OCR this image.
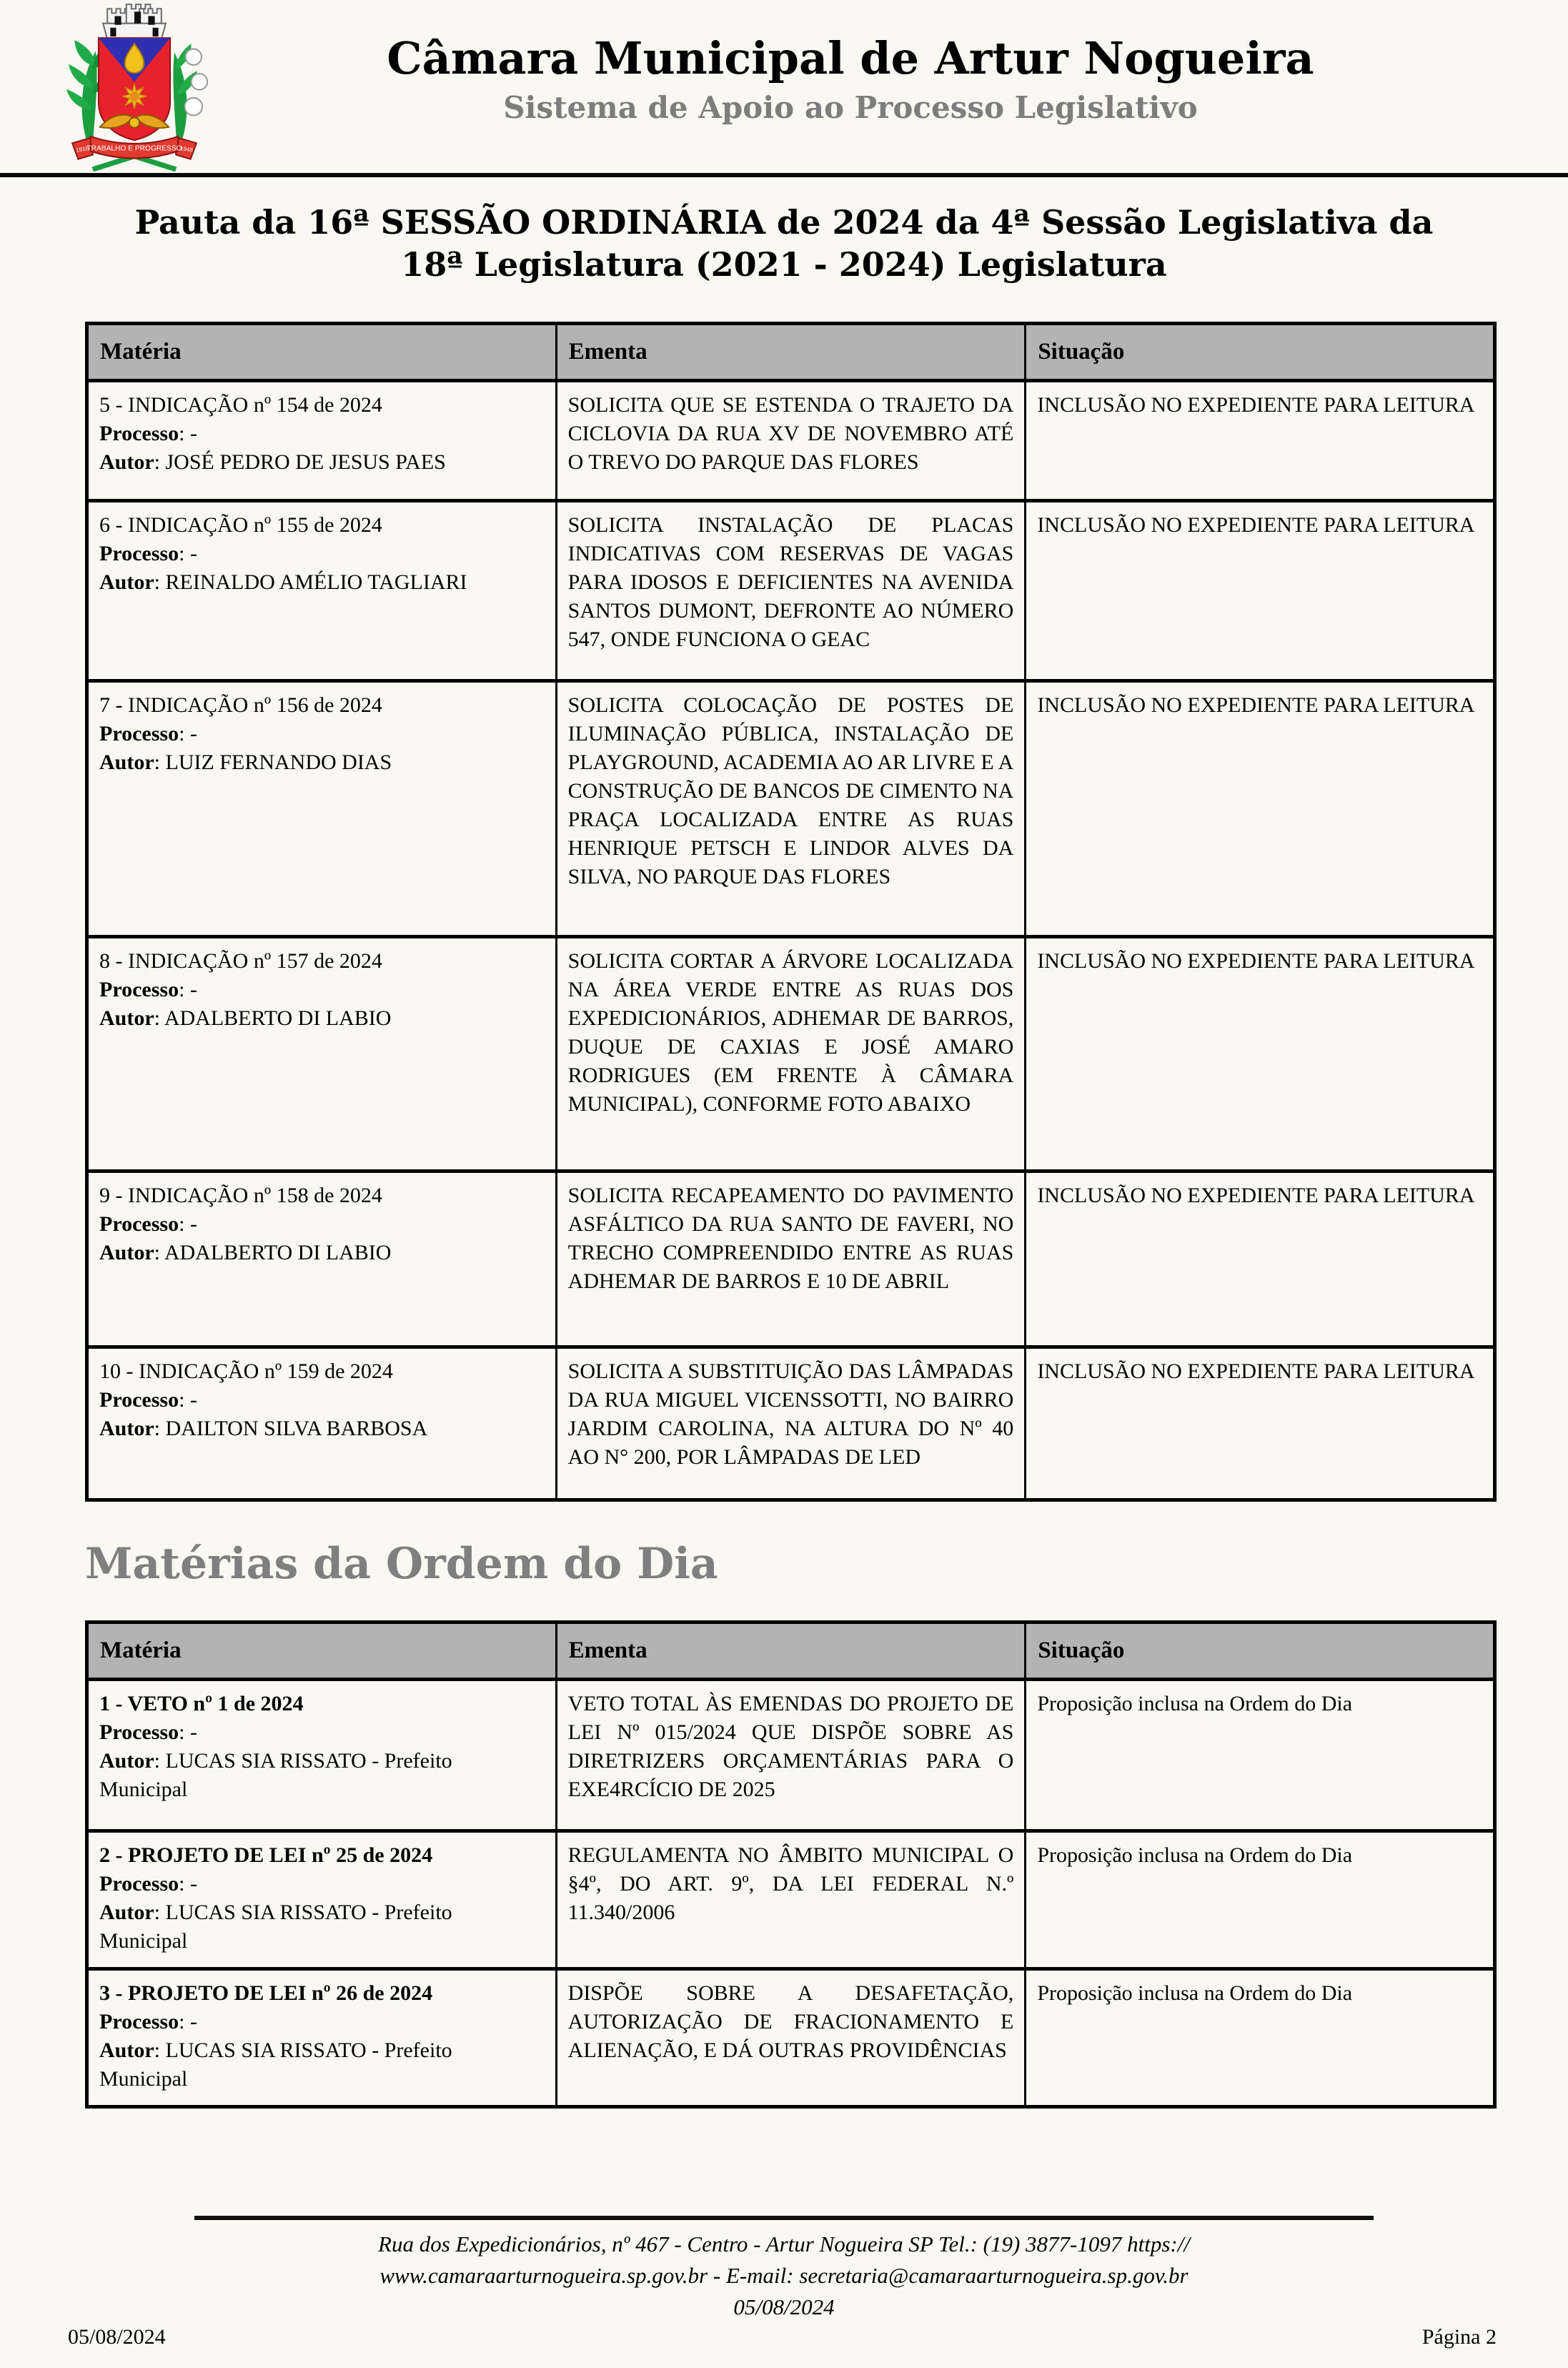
TRABALHO E PROGRESSO
1916	1948
Câmara Municipal de Artur Nogueira
Sistema de Apoio ao Processo Legislativo
Pauta da 16ª SESSÃO ORDINÁRIA de 2024 da 4ª Sessão Legislativa da 18ª Legislatura (2021 - 2024) Legislatura
Matéria	Ementa	Situação

5 - INDICAÇÃO nº 154 de 2024
Processo: -
Autor: JOSÉ PEDRO DE JESUS PAES	SOLICITA QUE SE ESTENDA O TRAJETO DA CICLOVIA DA RUA XV DE NOVEMBRO ATÉ O TREVO DO PARQUE DAS FLORES	INCLUSÃO NO EXPEDIENTE PARA LEITURA

6 - INDICAÇÃO nº 155 de 2024
Processo: -
Autor: REINALDO AMÉLIO TAGLIARI	SOLICITA INSTALAÇÃO DE PLACAS INDICATIVAS COM RESERVAS DE VAGAS PARA IDOSOS E DEFICIENTES NA AVENIDA SANTOS DUMONT, DEFRONTE AO NÚMERO 547, ONDE FUNCIONA O GEAC	INCLUSÃO NO EXPEDIENTE PARA LEITURA

7 - INDICAÇÃO nº 156 de 2024
Processo: -
Autor: LUIZ FERNANDO DIAS
	SOLICITA COLOCAÇÃO DE POSTES DE ILUMINAÇÃO PÚBLICA, INSTALAÇÃO DE PLAYGROUND, ACADEMIA AO AR LIVRE E A CONSTRUÇÃO DE BANCOS DE CIMENTO NA PRAÇA LOCALIZADA ENTRE AS RUAS HENRIQUE PETSCH E LINDOR ALVES DA SILVA, NO PARQUE DAS FLORES	INCLUSÃO NO EXPEDIENTE PARA LEITURA

8 - INDICAÇÃO nº 157 de 2024
Processo: -
Autor: ADALBERTO DI LABIO	SOLICITA CORTAR A ÁRVORE LOCALIZADA NA ÁREA VERDE ENTRE AS RUAS DOS EXPEDICIONÁRIOS, ADHEMAR DE BARROS, DUQUE DE CAXIAS E JOSÉ AMARO RODRIGUES (EM FRENTE À CÂMARA MUNICIPAL), CONFORME FOTO ABAIXO	INCLUSÃO NO EXPEDIENTE PARA LEITURA

9 - INDICAÇÃO nº 158 de 2024
Processo: -
Autor: ADALBERTO DI LABIO	SOLICITA RECAPEAMENTO DO PAVIMENTO ASFÁLTICO DA RUA SANTO DE FAVERI, NO TRECHO COMPREENDIDO ENTRE AS RUAS ADHEMAR DE BARROS E 10 DE ABRIL	INCLUSÃO NO EXPEDIENTE PARA LEITURA

10 - INDICAÇÃO nº 159 de 2024
Processo: -
Autor: DAILTON SILVA BARBOSA	SOLICITA A SUBSTITUIÇÃO DAS LÂMPADAS DA RUA MIGUEL VICENSSOTTI, NO BAIRRO JARDIM CAROLINA, NA ALTURA DO Nº 40 AO N° 200, POR LÂMPADAS DE LED	INCLUSÃO NO EXPEDIENTE PARA LEITURA
Matérias da Ordem do Dia
Matéria	Ementa	Situação

1 - VETO nº 1 de 2024
Processo: -
Autor: LUCAS SIA RISSATO - Prefeito Municipal	VETO TOTAL ÀS EMENDAS DO PROJETO DE LEI Nº 015/2024 QUE DISPÕE SOBRE AS DIRETRIZERS ORÇAMENTÁRIAS PARA O EXE4RCÍCIO DE 2025	Proposição inclusa na Ordem do Dia

2 - PROJETO DE LEI nº 25 de 2024
Processo: -
Autor: LUCAS SIA RISSATO - Prefeito Municipal	REGULAMENTA NO ÂMBITO MUNICIPAL O §4º, DO ART. 9º, DA LEI FEDERAL N.º 11.340/2006	Proposição inclusa na Ordem do Dia

3 - PROJETO DE LEI nº 26 de 2024
Processo: -
Autor: LUCAS SIA RISSATO - Prefeito Municipal	DISPÕE SOBRE A DESAFETAÇÃO, AUTORIZAÇÃO DE FRACIONAMENTO E ALIENAÇÃO, E DÁ OUTRAS PROVIDÊNCIAS	Proposição inclusa na Ordem do Dia
Rua dos Expedicionários, nº 467 - Centro - Artur Nogueira SP Tel.: (19) 3877-1097 https://
www.camaraarturnogueira.sp.gov.br - E-mail: secretaria@camaraarturnogueira.sp.gov.br
05/08/2024
05/08/2024	Página 2
